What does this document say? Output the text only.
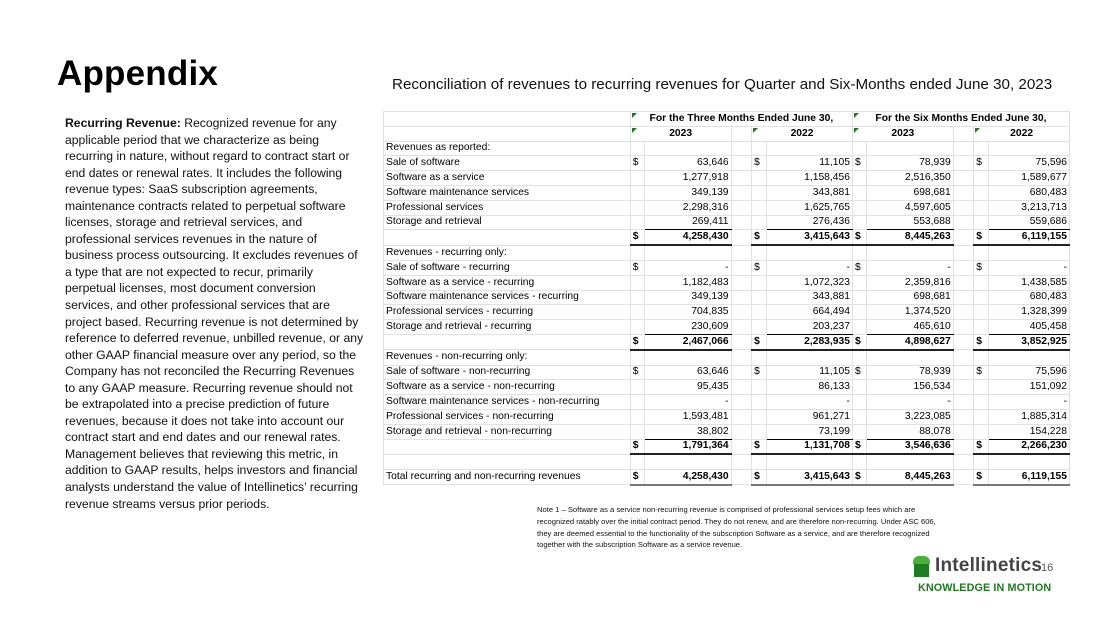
Appendix	Reconciliation of revenues to recurring revenues for Quarter and Six-Months ended June 30, 2023
Recurring Revenue: Recognized revenue for any applicable period that we characterize as being recurring in nature, without regard to contract start or end dates or renewal rates. It includes the following revenue types: SaaS subscription agreements, maintenance contracts related to perpetual software licenses, storage and retrieval services, and professional services revenues in the nature of business process outsourcing. It excludes revenues of a type that are not expected to recur, primarily perpetual licenses, most document conversion services, and other professional services that are project based. Recurring revenue is not determined by reference to deferred revenue, unbilled revenue, or any other GAAP financial measure over any period, so the Company has not reconciled the Recurring Revenues to any GAAP measure. Recurring revenue should not be extrapolated into a precise prediction of future revenues, because it does not take into account our contract start and end dates and our renewal rates. Management believes that reviewing this metric, in addition to GAAP results, helps investors and financial analysts understand the value of Intellinetics’ recurring revenue streams versus prior periods.

For the Three Months Ended June 30,					For the Six Months Ended June 30,				

2023			2022		2023			2022	
Revenues as reported:										
Sale of software	$	63,646		$	11,105	$	78,939		$	75,596
Software as a service		1,277,918			1,158,456		2,516,350			1,589,677
Software maintenance services		349,139			343,881		698,681			680,483
Professional services		2,298,316			1,625,765		4,597,605			3,213,713
Storage and retrieval		269,411			276,436		553,688			559,686
	$	4,258,430		$	3,415,643	$	8,445,263		$	6,119,155
Revenues - recurring only:										
Sale of software - recurring	$	-		$	-	$	-		$	-
Software as a service - recurring		1,182,483			1,072,323		2,359,816			1,438,585
Software maintenance services - recurring		349,139			343,881		698,681			680,483
Professional services - recurring		704,835			664,494		1,374,520			1,328,399
Storage and retrieval - recurring		230,609			203,237		465,610			405,458
	$	2,467,066		$	2,283,935	$	4,898,627		$	3,852,925
Revenues - non-recurring only:										
Sale of software - non-recurring	$	63,646		$	11,105	$	78,939		$	75,596
Software as a service - non-recurring		95,435			86,133		156,534			151,092
Software maintenance services - non-recurring		-			-		-			-
Professional services - non-recurring		1,593,481			961,271		3,223,085			1,885,314
Storage and retrieval - non-recurring		38,802			73,199		88,078			154,228
	$	1,791,364		$	1,131,708	$	3,546,636		$	2,266,230

Total recurring and non-recurring revenues	$	4,258,430		$	3,415,643	$	8,445,263		$	6,119,155
Note 1 – Software as a service non-recurring revenue is comprised of professional services setup fees which are recognized ratably over the initial contract period. They do not renew, and are therefore non-recurring. Under ASC 606, they are deemed essential to the functionality of the subscription Software as a service, and are therefore recognized together with the subscription Software as a service revenue.
Intellinetics
16
KNOWLEDGE IN MOTION
